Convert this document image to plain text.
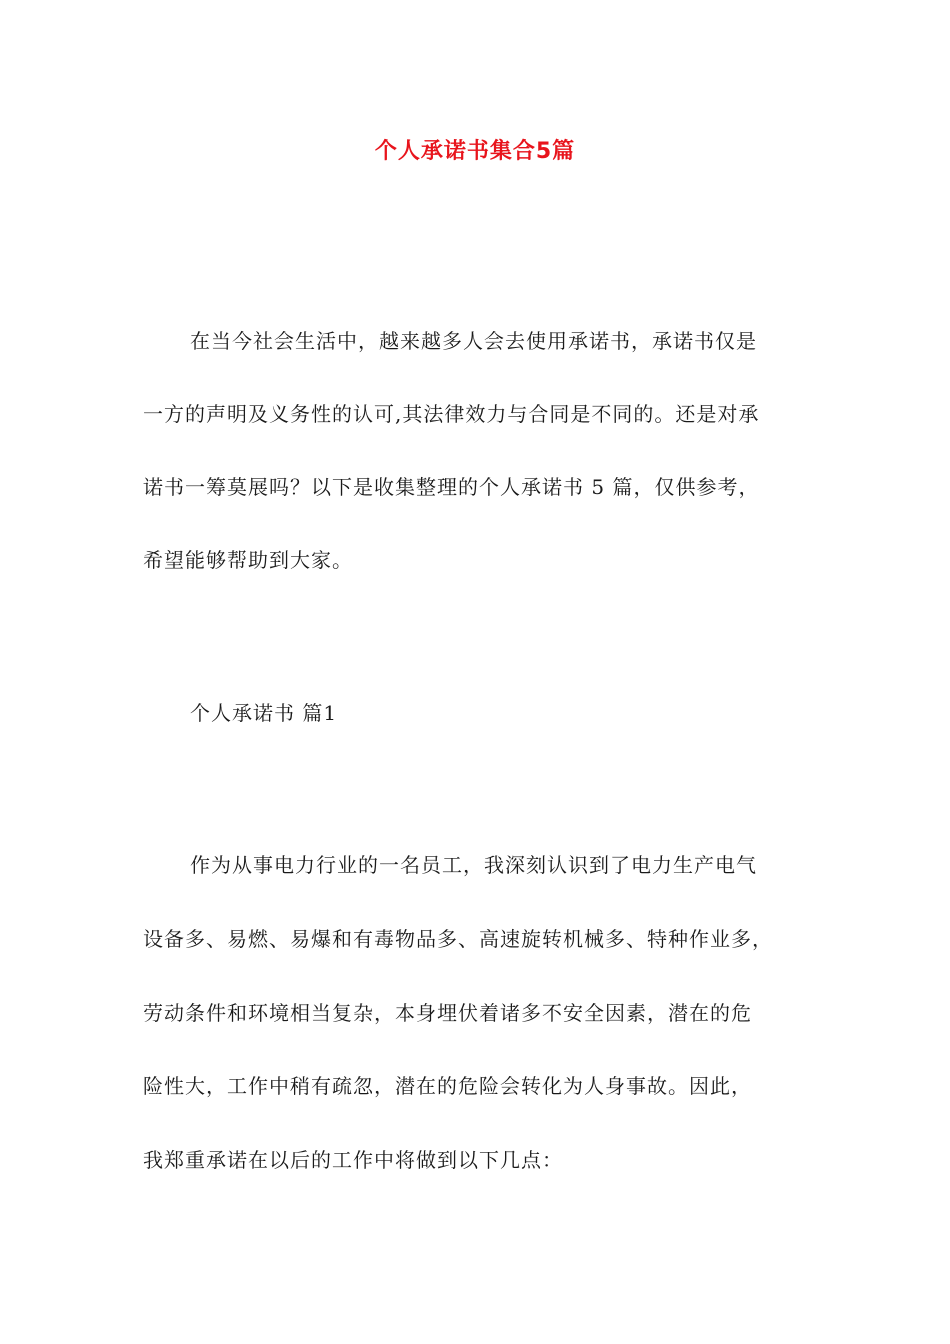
个人承诺书集合5篇
在当今社会生活中，越来越多人会去使用承诺书，承诺书仅是
一方的声明及义务性的认可,其法律效力与合同是不同的。还是对承
诺书一筹莫展吗？以下是收集整理的个人承诺书 5 篇，仅供参考，
希望能够帮助到大家。
个人承诺书 篇1
作为从事电力行业的一名员工，我深刻认识到了电力生产电气
设备多、易燃、易爆和有毒物品多、高速旋转机械多、特种作业多，
劳动条件和环境相当复杂，本身埋伏着诸多不安全因素，潜在的危
险性大，工作中稍有疏忽，潜在的危险会转化为人身事故。因此，
我郑重承诺在以后的工作中将做到以下几点：
